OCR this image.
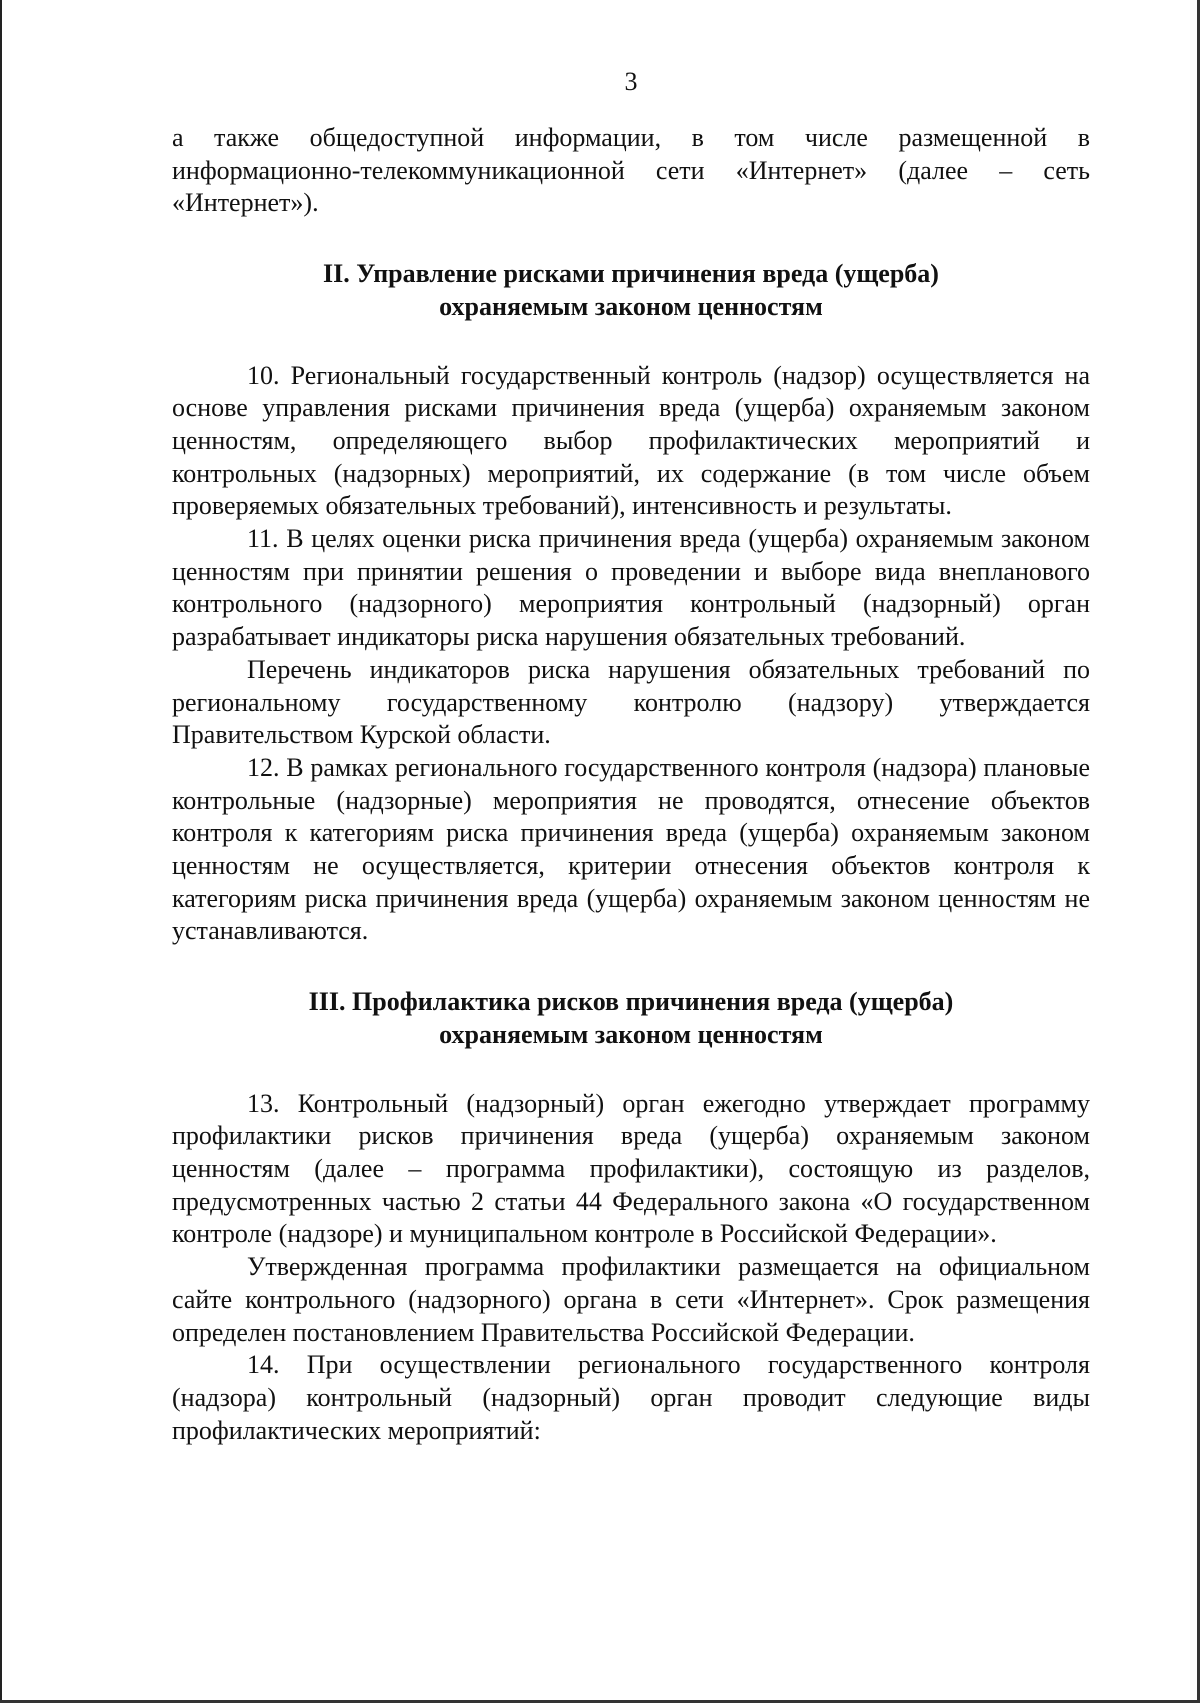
3

а также общедоступной информации, в том числе размещенной в информационно-телекоммуникационной сети «Интернет» (далее – сеть «Интернет»).

II. Управление рисками причинения вреда (ущерба)
охраняемым законом ценностям

10. Региональный государственный контроль (надзор) осуществляется на основе управления рисками причинения вреда (ущерба) охраняемым законом ценностям, определяющего выбор профилактических мероприятий и контрольных (надзорных) мероприятий, их содержание (в том числе объем проверяемых обязательных требований), интенсивность и результаты.

11. В целях оценки риска причинения вреда (ущерба) охраняемым законом ценностям при принятии решения о проведении и выборе вида внепланового контрольного (надзорного) мероприятия контрольный (надзорный) орган разрабатывает индикаторы риска нарушения обязательных требований.

Перечень индикаторов риска нарушения обязательных требований по региональному государственному контролю (надзору) утверждается Правительством Курской области.

12. В рамках регионального государственного контроля (надзора) плановые контрольные (надзорные) мероприятия не проводятся, отнесение объектов контроля к категориям риска причинения вреда (ущерба) охраняемым законом ценностям не осуществляется, критерии отнесения объектов контроля к категориям риска причинения вреда (ущерба) охраняемым законом ценностям не устанавливаются.

III. Профилактика рисков причинения вреда (ущерба)
охраняемым законом ценностям

13. Контрольный (надзорный) орган ежегодно утверждает программу профилактики рисков причинения вреда (ущерба) охраняемым законом ценностям (далее – программа профилактики), состоящую из разделов, предусмотренных частью 2 статьи 44 Федерального закона «О государственном контроле (надзоре) и муниципальном контроле в Российской Федерации».

Утвержденная программа профилактики размещается на официальном сайте контрольного (надзорного) органа в сети «Интернет». Срок размещения определен постановлением Правительства Российской Федерации.

14. При осуществлении регионального государственного контроля (надзора) контрольный (надзорный) орган проводит следующие виды профилактических мероприятий:
